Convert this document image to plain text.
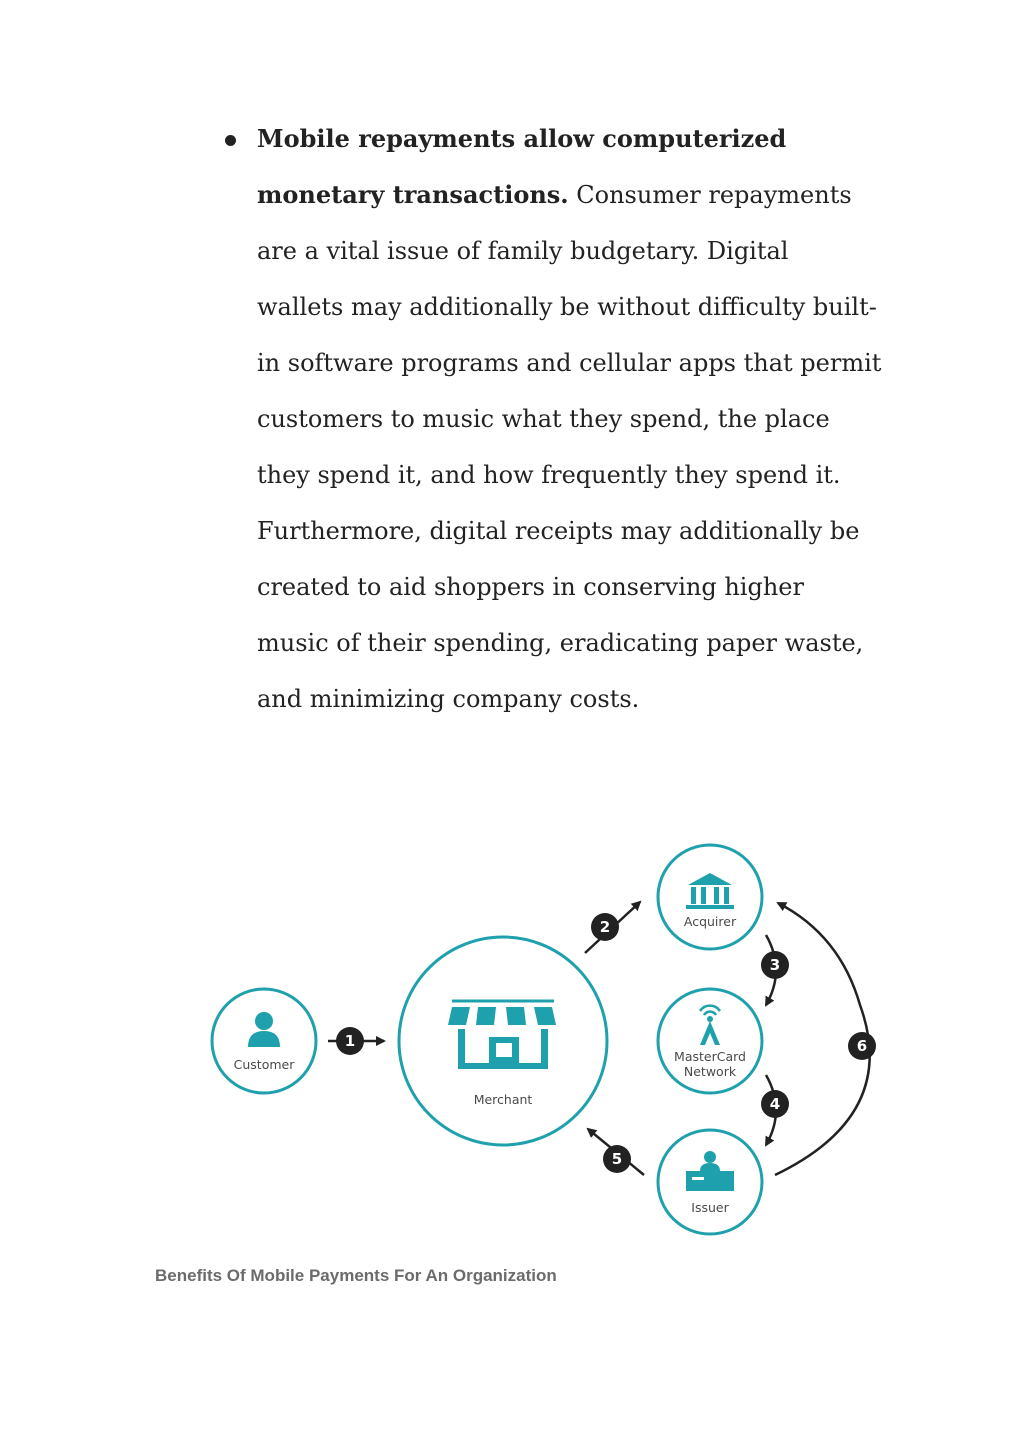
Mobile repayments allow computerized monetary transactions. Consumer repayments are a vital issue of family budgetary. Digital wallets may additionally be without difficulty built-in software programs and cellular apps that permit customers to music what they spend, the place they spend it, and how frequently they spend it. Furthermore, digital receipts may additionally be created to aid shoppers in conserving higher music of their spending, eradicating paper waste, and minimizing company costs.
Customer
Merchant
Acquirer
MasterCard
Network
Issuer
1
2
3
4
5
6
Benefits Of Mobile Payments For An Organization
